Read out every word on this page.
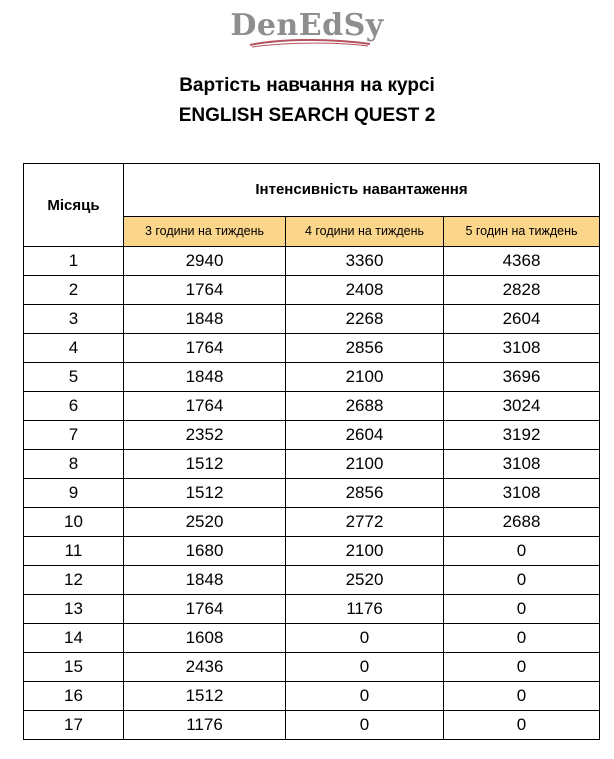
DenEdSy
Вартість навчання на курсі
ENGLISH SEARCH QUEST 2
Місяць	Інтенсивність навантаження		
	3 години на тиждень	4 години на тиждень	5 годин на тиждень
1	2940	3360	4368
2	1764	2408	2828
3	1848	2268	2604
4	1764	2856	3108
5	1848	2100	3696
6	1764	2688	3024
7	2352	2604	3192
8	1512	2100	3108
9	1512	2856	3108
10	2520	2772	2688
11	1680	2100	0
12	1848	2520	0
13	1764	1176	0
14	1608	0	0
15	2436	0	0
16	1512	0	0
17	1176	0	0
